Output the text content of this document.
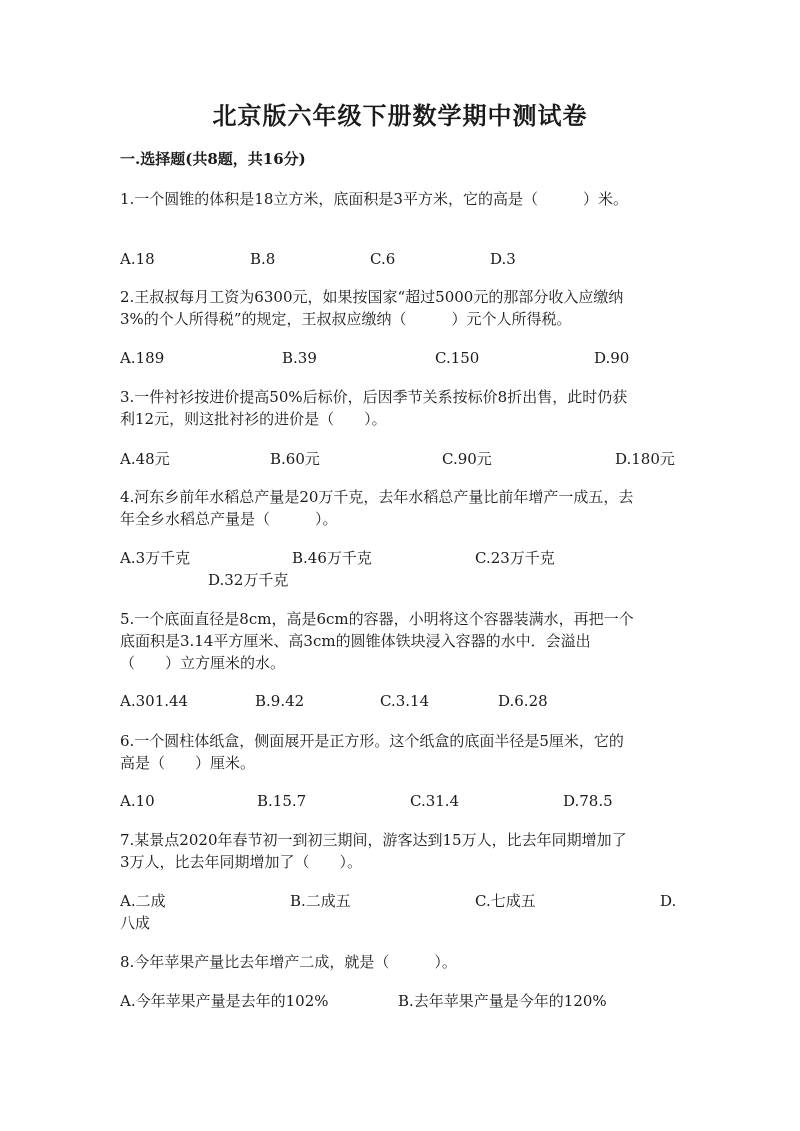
北京版六年级下册数学期中测试卷
一.选择题(共8题，共16分)
1.一个圆锥的体积是18立方米，底面积是3平方米，它的高是（　　　）米。
A.18	B.8	C.6	D.3
2.王叔叔每月工资为6300元，如果按国家“超过5000元的那部分收入应缴纳
3%的个人所得税”的规定，王叔叔应缴纳（　　　）元个人所得税。
A.189	B.39	C.150	D.90
3.一件衬衫按进价提高50%后标价，后因季节关系按标价8折出售，此时仍获
利12元，则这批衬衫的进价是（　　）。
A.48元	B.60元	C.90元	D.180元
4.河东乡前年水稻总产量是20万千克，去年水稻总产量比前年增产一成五，去
年全乡水稻总产量是（　　　）。
A.3万千克	B.46万千克	C.23万千克
D.32万千克
5.一个底面直径是8cm，高是6cm的容器，小明将这个容器装满水，再把一个
底面积是3.14平方厘米、高3cm的圆锥体铁块浸入容器的水中．会溢出
（　　）立方厘米的水。
A.301.44	B.9.42	C.3.14	D.6.28
6.一个圆柱体纸盒，侧面展开是正方形。这个纸盒的底面半径是5厘米，它的
高是（　　）厘米。
A.10	B.15.7	C.31.4	D.78.5
7.某景点2020年春节初一到初三期间，游客达到15万人，比去年同期增加了
3万人，比去年同期增加了（　　）。
A.二成	B.二成五	C.七成五	D.
八成
8.今年苹果产量比去年增产二成，就是（　　　）。
A.今年苹果产量是去年的102%	B.去年苹果产量是今年的120%
